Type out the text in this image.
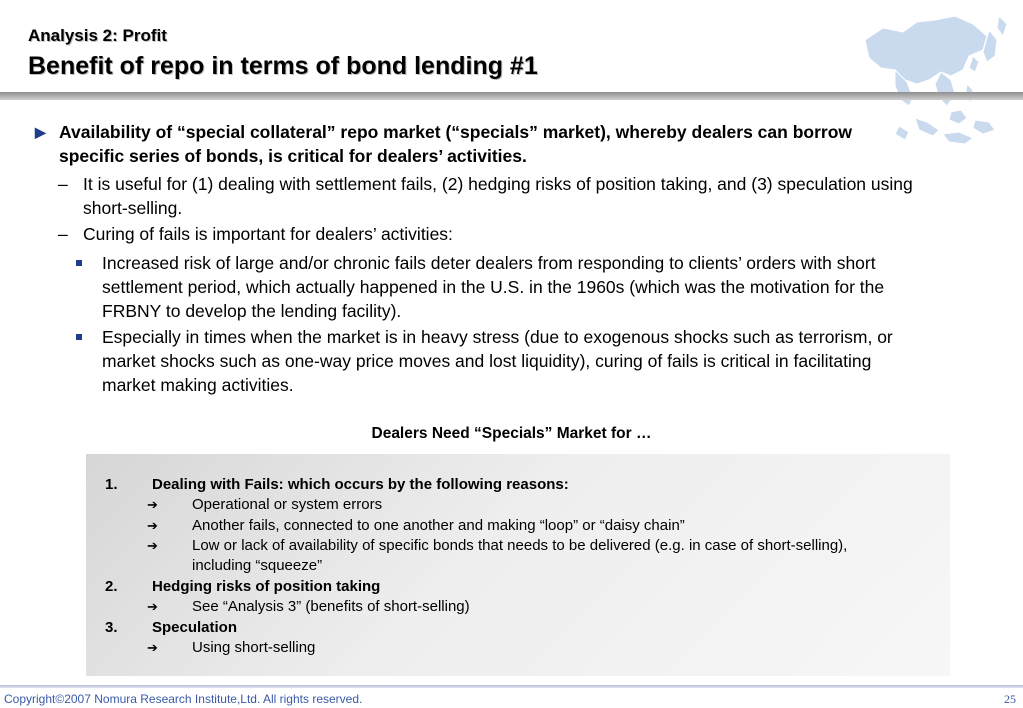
Analysis 2: Profit
Benefit of repo in terms of bond lending #1
▶ Availability of “special collateral” repo market (“specials” market), whereby dealers can borrow specific series of bonds, is critical for dealers’ activities.
– It is useful for (1) dealing with settlement fails, (2) hedging risks of position taking, and (3) speculation using short-selling.
– Curing of fails is important for dealers’ activities:
Increased risk of large and/or chronic fails deter dealers from responding to clients’ orders with short settlement period, which actually happened in the U.S. in the 1960s (which was the motivation for the FRBNY to develop the lending facility).
Especially in times when the market is in heavy stress (due to exogenous shocks such as terrorism, or market shocks such as one-way price moves and lost liquidity), curing of fails is critical in facilitating market making activities.
Dealers Need “Specials” Market for …
1. Dealing with Fails: which occurs by the following reasons:
➔ Operational or system errors
➔ Another fails, connected to one another and making “loop” or “daisy chain”
➔ Low or lack of availability of specific bonds that needs to be delivered (e.g. in case of short-selling), including “squeeze”
2. Hedging risks of position taking
➔ See “Analysis 3” (benefits of short-selling)
3. Speculation
➔ Using short-selling
Copyright©2007 Nomura Research Institute,Ltd. All rights reserved.	25
